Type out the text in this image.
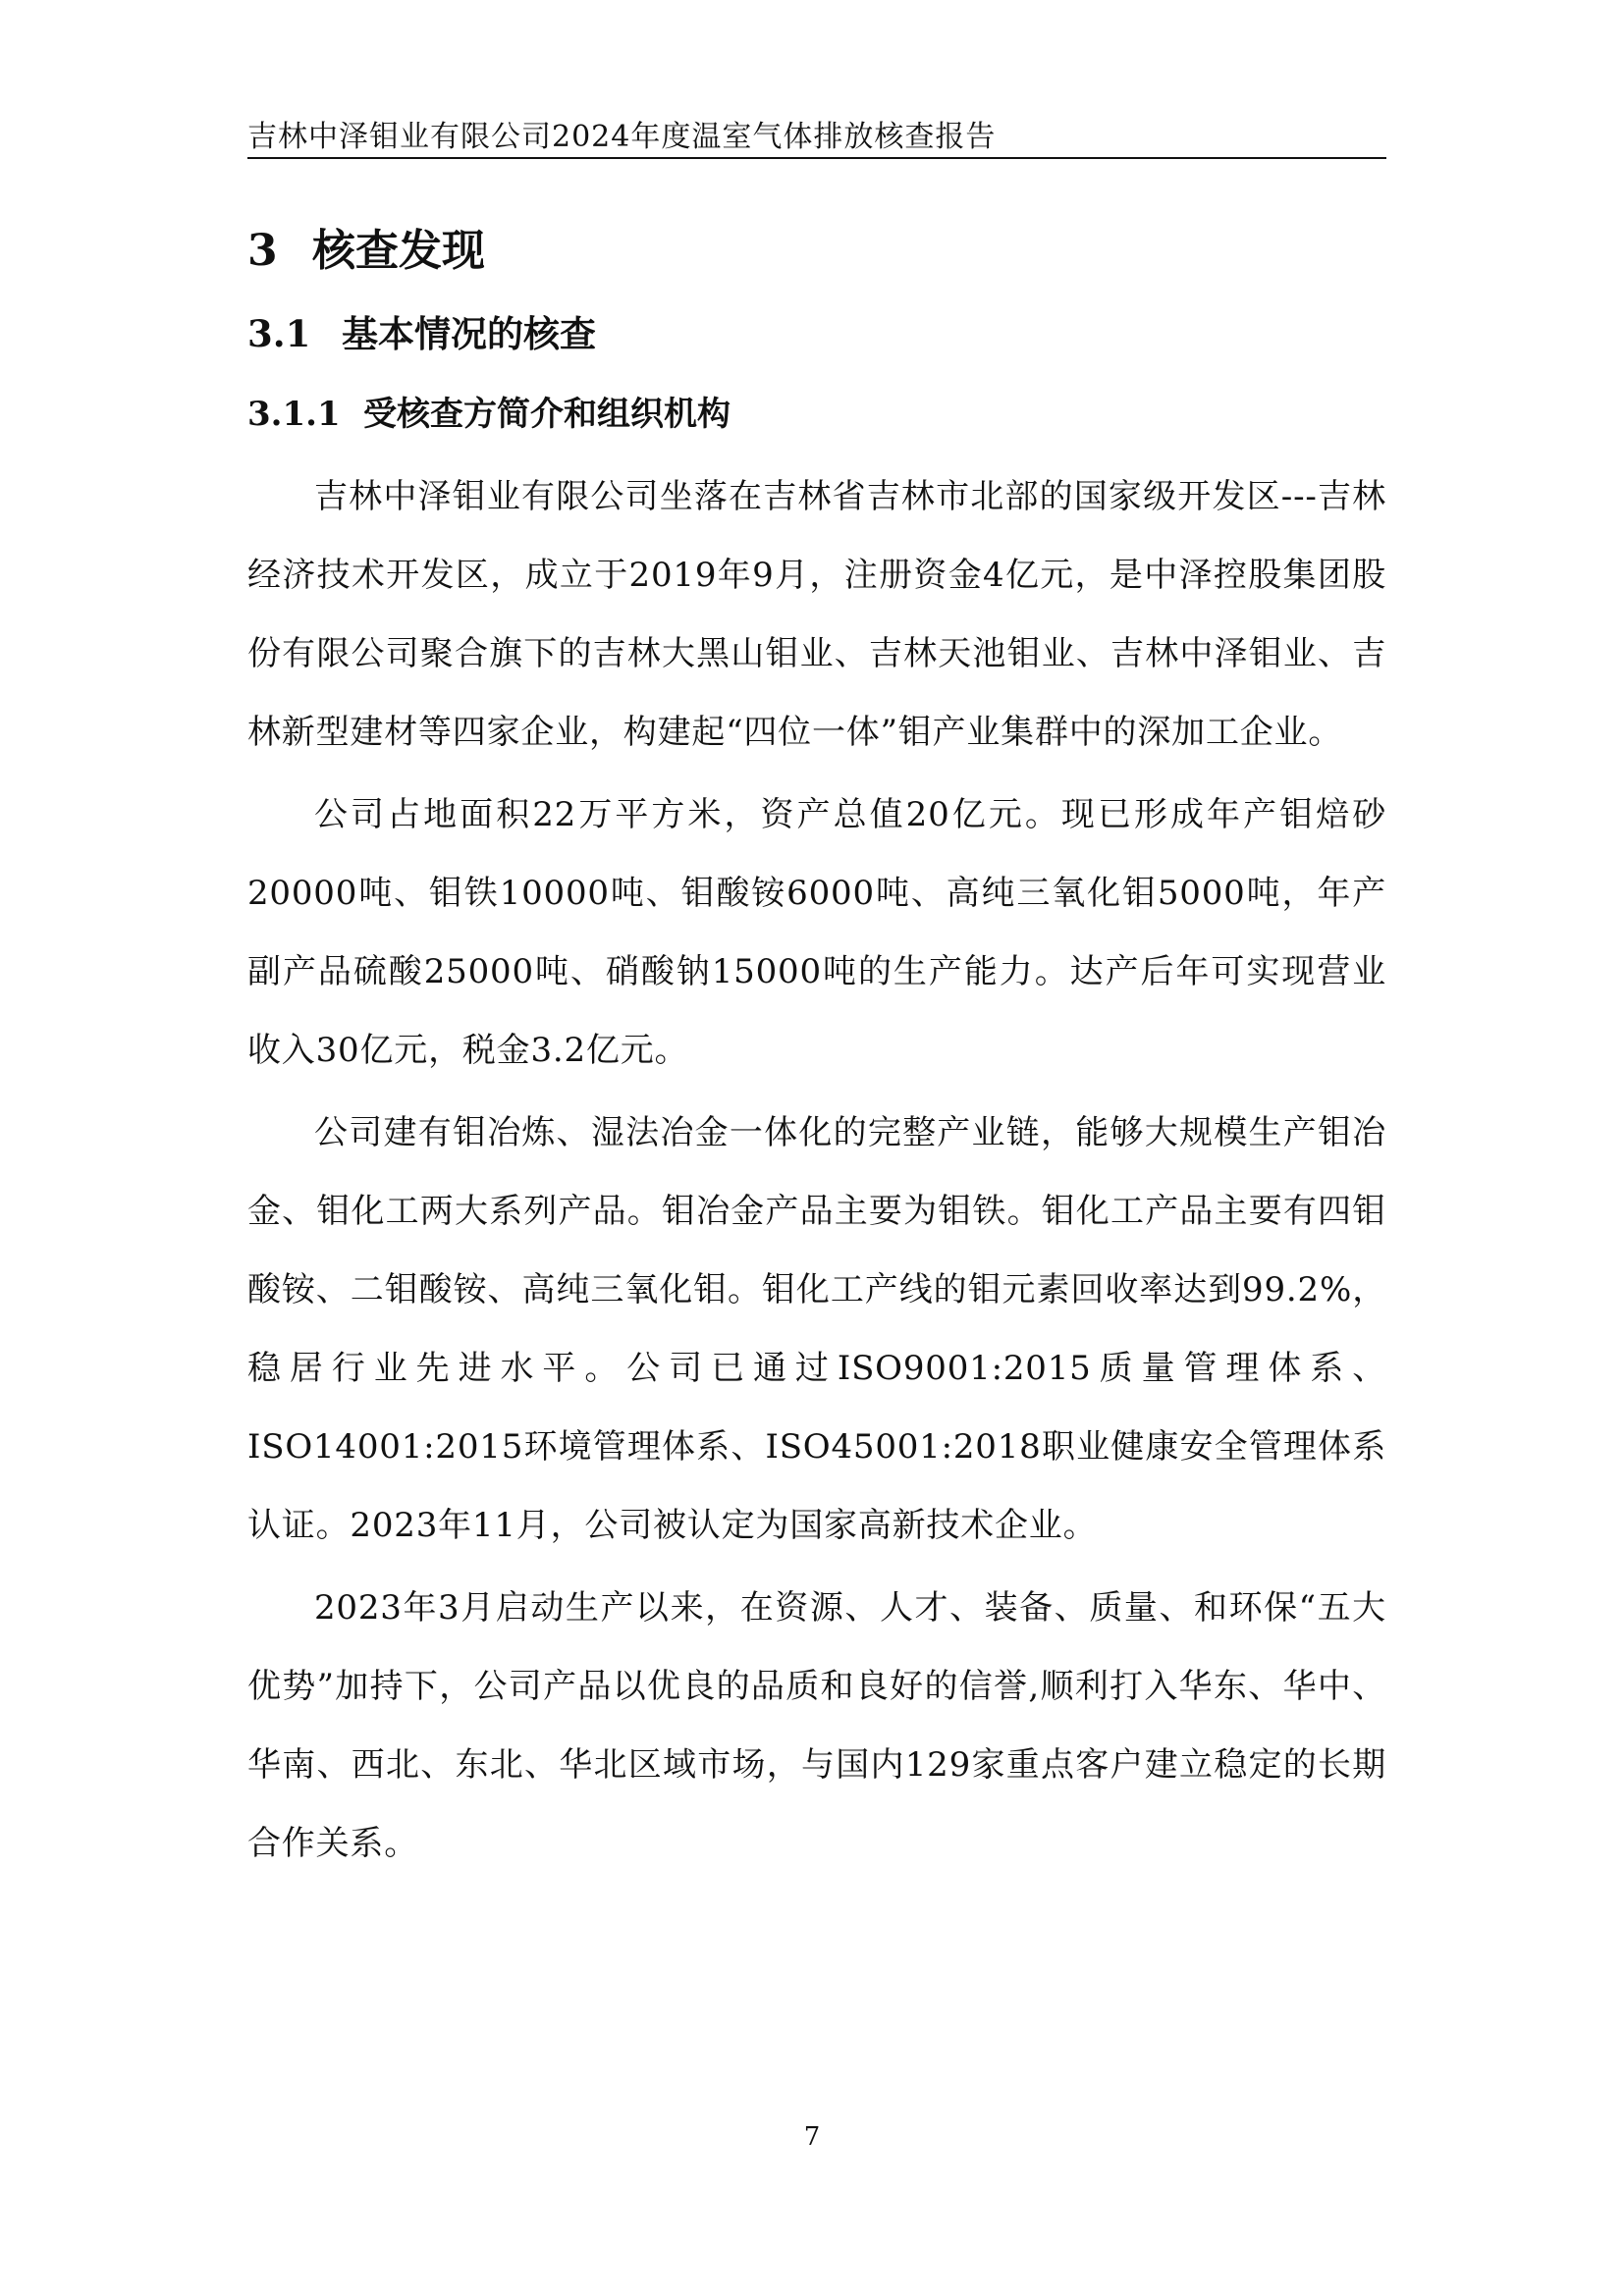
吉林中泽钼业有限公司2024年度温室气体排放核查报告
3 核查发现
3.1 基本情况的核查
3.1.1 受核查方简介和组织机构

吉林中泽钼业有限公司坐落在吉林省吉林市北部的国家级开发区---吉林经济技术开发区，成立于2019年9月，注册资金4亿元，是中泽控股集团股份有限公司聚合旗下的吉林大黑山钼业、吉林天池钼业、吉林中泽钼业、吉林新型建材等四家企业，构建起“四位一体”钼产业集群中的深加工企业。

公司占地面积22万平方米，资产总值20亿元。现已形成年产钼焙砂20000吨、钼铁10000吨、钼酸铵6000吨、高纯三氧化钼5000吨，年产副产品硫酸25000吨、硝酸钠15000吨的生产能力。达产后年可实现营业收入30亿元，税金3.2亿元。

公司建有钼冶炼、湿法冶金一体化的完整产业链，能够大规模生产钼冶金、钼化工两大系列产品。钼冶金产品主要为钼铁。钼化工产品主要有四钼酸铵、二钼酸铵、高纯三氧化钼。钼化工产线的钼元素回收率达到99.2%，稳居行业先进水平。公司已通过ISO9001:2015质量管理体系、ISO14001:2015环境管理体系、ISO45001:2018职业健康安全管理体系认证。2023年11月，公司被认定为国家高新技术企业。

2023年3月启动生产以来，在资源、人才、装备、质量、和环保“五大优势”加持下，公司产品以优良的品质和良好的信誉,顺利打入华东、华中、华南、西北、东北、华北区域市场，与国内129家重点客户建立稳定的长期合作关系。

7
